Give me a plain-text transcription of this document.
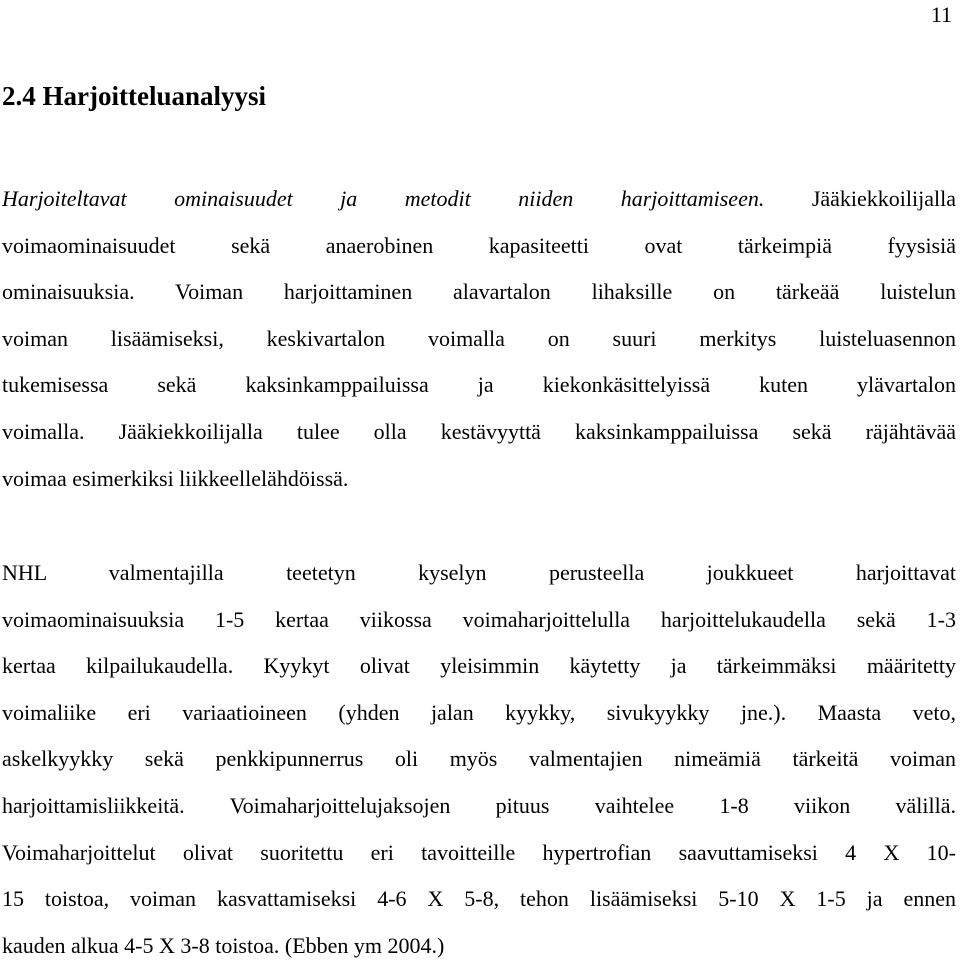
11
2.4 Harjoitteluanalyysi
Harjoiteltavat ominaisuudet ja metodit niiden harjoittamiseen. Jääkiekkoilijalla
voimaominaisuudet sekä anaerobinen kapasiteetti ovat tärkeimpiä fyysisiä
ominaisuuksia. Voiman harjoittaminen alavartalon lihaksille on tärkeää luistelun
voiman lisäämiseksi, keskivartalon voimalla on suuri merkitys luisteluasennon
tukemisessa sekä kaksinkamppailuissa ja kiekonkäsittelyissä kuten ylävartalon
voimalla. Jääkiekkoilijalla tulee olla kestävyyttä kaksinkamppailuissa sekä räjähtävää
voimaa esimerkiksi liikkeellelähdöissä.
NHL valmentajilla teetetyn kyselyn perusteella joukkueet harjoittavat
voimaominaisuuksia 1-5 kertaa viikossa voimaharjoittelulla harjoittelukaudella sekä 1-3
kertaa kilpailukaudella. Kyykyt olivat yleisimmin käytetty ja tärkeimmäksi määritetty
voimaliike eri variaatioineen (yhden jalan kyykky, sivukyykky jne.). Maasta veto,
askelkyykky sekä penkkipunnerrus oli myös valmentajien nimeämiä tärkeitä voiman
harjoittamisliikkeitä. Voimaharjoittelujaksojen pituus vaihtelee 1-8 viikon välillä.
Voimaharjoittelut olivat suoritettu eri tavoitteille hypertrofian saavuttamiseksi 4 X 10-
15 toistoa, voiman kasvattamiseksi 4-6 X 5-8, tehon lisäämiseksi 5-10 X 1-5 ja ennen
kauden alkua 4-5 X 3-8 toistoa. (Ebben ym 2004.)
